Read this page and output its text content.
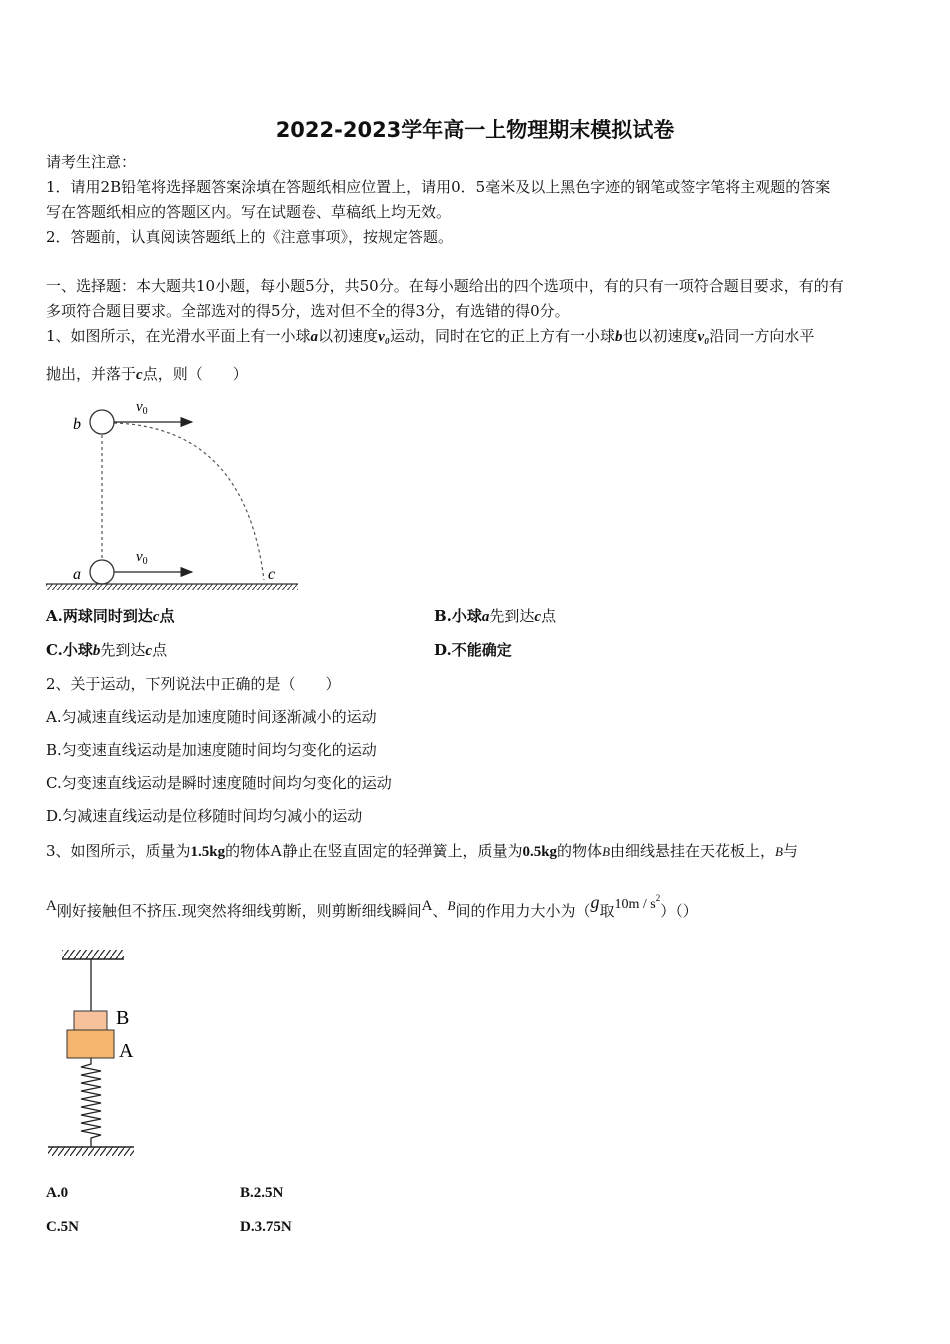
2022-2023学年高一上物理期末模拟试卷
请考生注意：
1．请用2B铅笔将选择题答案涂填在答题纸相应位置上，请用0．5毫米及以上黑色字迹的钢笔或签字笔将主观题的答案
写在答题纸相应的答题区内。写在试题卷、草稿纸上均无效。
2．答题前，认真阅读答题纸上的《注意事项》，按规定答题。
一、选择题：本大题共10小题，每小题5分，共50分。在每小题给出的四个选项中，有的只有一项符合题目要求，有的有
多项符合题目要求。全部选对的得5分，选对但不全的得3分，有选错的得0分。
1、如图所示，在光滑水平面上有一小球a以初速度v₀运动，同时在它的正上方有一小球b也以初速度v₀沿同一方向水平
抛出，并落于c点，则（　　）
b
a	c
$v_0$
$v_0$
A.两球同时到达c点	B.小球a先到达c点
C.小球b先到达c点	D.不能确定
2、关于运动，下列说法中正确的是（　　）
A.匀减速直线运动是加速度随时间逐渐减小的运动
B.匀变速直线运动是加速度随时间均匀变化的运动
C.匀变速直线运动是瞬时速度随时间均匀变化的运动
D.匀减速直线运动是位移随时间均匀减小的运动
3、如图所示，质量为1.5kg的物体A静止在竖直固定的轻弹簧上，质量为0.5kg的物体B由细线悬挂在天花板上，B与
A刚好接触但不挤压.现突然将细线剪断，则剪断细线瞬间A、B间的作用力大小为（g取$10m / s^2)()$
B
A
A.0	B.2.5N
C.5N	D.3.75N
